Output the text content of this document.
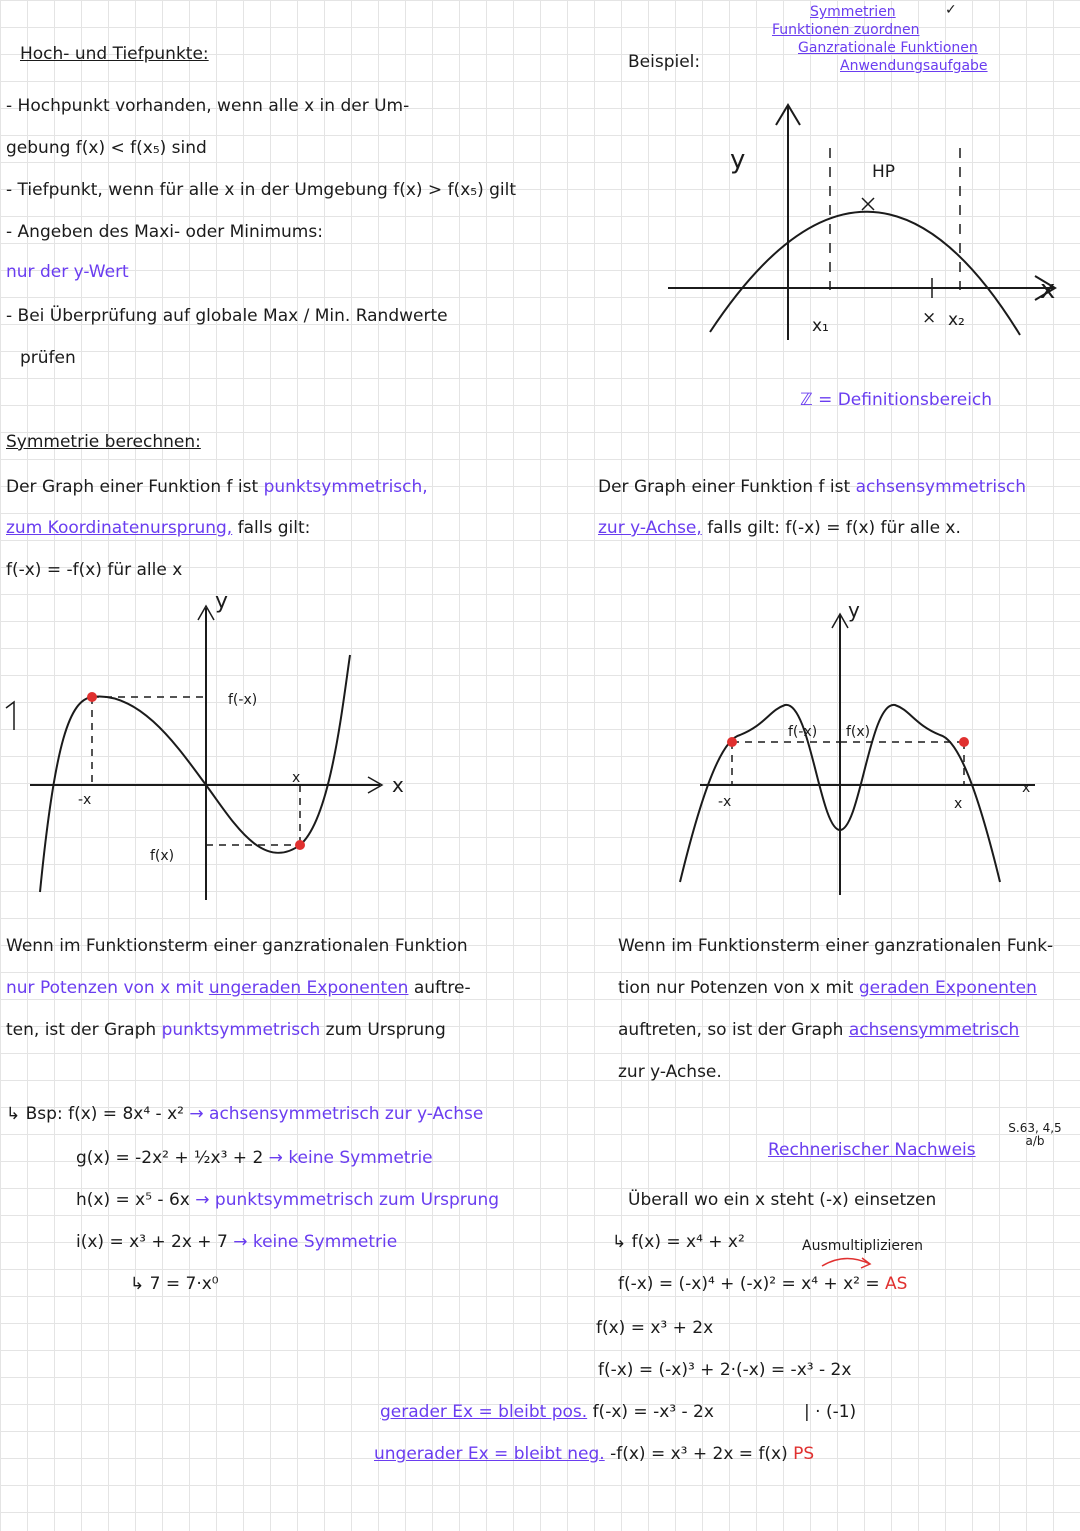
Hoch- und Tiefpunkte:
- Hochpunkt vorhanden, wenn alle x in der Um-
gebung f(x) < f(x₅) sind
- Tiefpunkt, wenn für alle x in der Umgebung f(x) > f(x₅) gilt
- Angeben des Maxi- oder Minimums:
nur der y-Wert
- Bei Überprüfung auf globale Max / Min. Randwerte
prüfen
Beispiel:
Symmetrien	✓
Funktionen zuordnen
Ganzrationale Funktionen
Anwendungsaufgabe
y
x
HP
x₁	× x₂
ℤ = Definitionsbereich
Symmetrie berechnen:
Der Graph einer Funktion f ist punktsymmetrisch,
zum Koordinatenursprung, falls gilt:
f(-x) = -f(x) für alle x
Der Graph einer Funktion f ist achsensymmetrisch
zur y-Achse, falls gilt: f(-x) = f(x) für alle x.
y
x
-x
x
f(-x)
f(x)
y
x
-x	x
f(-x) f(x)
Wenn im Funktionsterm einer ganzrationalen Funktion
nur Potenzen von x mit ungeraden Exponenten auftre-
ten, ist der Graph punktsymmetrisch zum Ursprung
Wenn im Funktionsterm einer ganzrationalen Funk-
tion nur Potenzen von x mit geraden Exponenten
auftreten, so ist der Graph achsensymmetrisch
zur y-Achse.
↳ Bsp: f(x) = 8x⁴ - x² → achsensymmetrisch zur y-Achse
g(x) = -2x² + ½x³ + 2 → keine Symmetrie
h(x) = x⁵ - 6x → punktsymmetrisch zum Ursprung
i(x) = x³ + 2x + 7 → keine Symmetrie
↳ 7 = 7·x⁰
Rechnerischer Nachweis
S.63, 4,5 a/b
Überall wo ein x steht (-x) einsetzen
↳ f(x) = x⁴ + x²	Ausmultiplizieren
f(-x) = (-x)⁴ + (-x)² = x⁴ + x² = AS
f(x) = x³ + 2x
f(-x) = (-x)³ + 2·(-x) = -x³ - 2x
gerader Ex = bleibt pos. f(-x) = -x³ - 2x	| · (-1)
ungerader Ex = bleibt neg. -f(x) = x³ + 2x = f(x) PS
